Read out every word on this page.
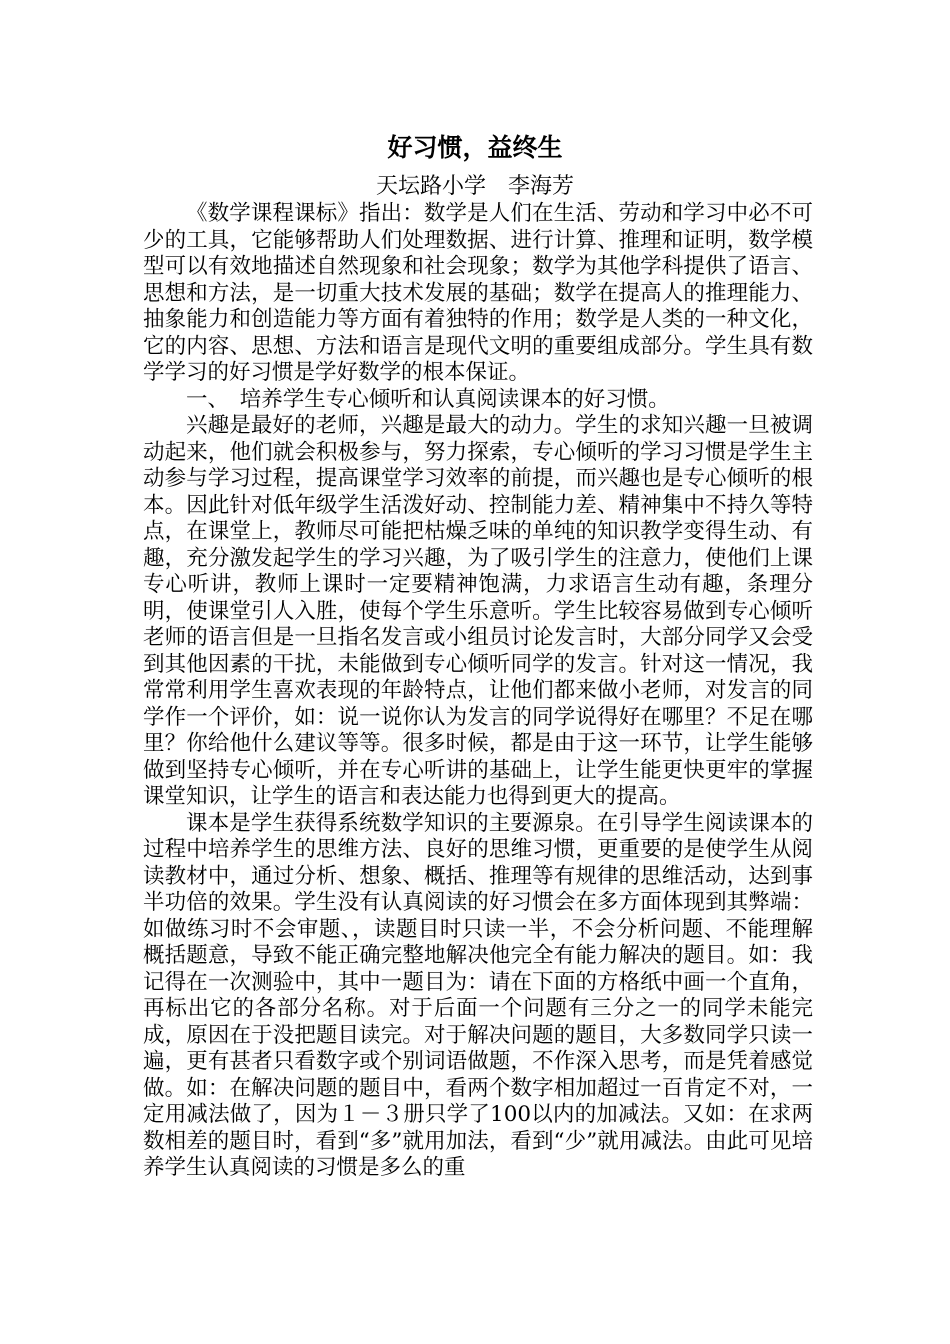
好习惯，益终生
天坛路小学　李海芳

《数学课程课标》指出：数学是人们在生活、劳动和学习中必不可少的工具，它能够帮助人们处理数据、进行计算、推理和证明，数学模型可以有效地描述自然现象和社会现象；数学为其他学科提供了语言、思想和方法，是一切重大技术发展的基础；数学在提高人的推理能力、抽象能力和创造能力等方面有着独特的作用；数学是人类的一种文化，它的内容、思想、方法和语言是现代文明的重要组成部分。学生具有数学学习的好习惯是学好数学的根本保证。

一、　培养学生专心倾听和认真阅读课本的好习惯。

兴趣是最好的老师，兴趣是最大的动力。学生的求知兴趣一旦被调动起来，他们就会积极参与，努力探索，专心倾听的学习习惯是学生主动参与学习过程，提高课堂学习效率的前提，而兴趣也是专心倾听的根本。因此针对低年级学生活泼好动、控制能力差、精神集中不持久等特点，在课堂上，教师尽可能把枯燥乏味的单纯的知识教学变得生动、有趣，充分激发起学生的学习兴趣，为了吸引学生的注意力，使他们上课专心听讲，教师上课时一定要精神饱满，力求语言生动有趣，条理分明，使课堂引人入胜，使每个学生乐意听。学生比较容易做到专心倾听老师的语言但是一旦指名发言或小组员讨论发言时，大部分同学又会受到其他因素的干扰，未能做到专心倾听同学的发言。针对这一情况，我常常利用学生喜欢表现的年龄特点，让他们都来做小老师，对发言的同学作一个评价，如：说一说你认为发言的同学说得好在哪里？不足在哪里？你给他什么建议等等。很多时候，都是由于这一环节，让学生能够做到坚持专心倾听，并在专心听讲的基础上，让学生能更快更牢的掌握课堂知识，让学生的语言和表达能力也得到更大的提高。

课本是学生获得系统数学知识的主要源泉。在引导学生阅读课本的过程中培养学生的思维方法、良好的思维习惯，更重要的是使学生从阅读教材中，通过分析、想象、概括、推理等有规律的思维活动，达到事半功倍的效果。学生没有认真阅读的好习惯会在多方面体现到其弊端：如做练习时不会审题、，读题目时只读一半，不会分析问题、不能理解概括题意，导致不能正确完整地解决他完全有能力解决的题目。如：我记得在一次测验中，其中一题目为：请在下面的方格纸中画一个直角，再标出它的各部分名称。对于后面一个问题有三分之一的同学未能完成，原因在于没把题目读完。对于解决问题的题目，大多数同学只读一遍，更有甚者只看数字或个别词语做题，不作深入思考，而是凭着感觉做。如：在解决问题的题目中，看两个数字相加超过一百肯定不对，一定用减法做了，因为１－３册只学了100以内的加减法。又如：在求两数相差的题目时，看到“多”就用加法，看到“少”就用减法。由此可见培养学生认真阅读的习惯是多么的重
